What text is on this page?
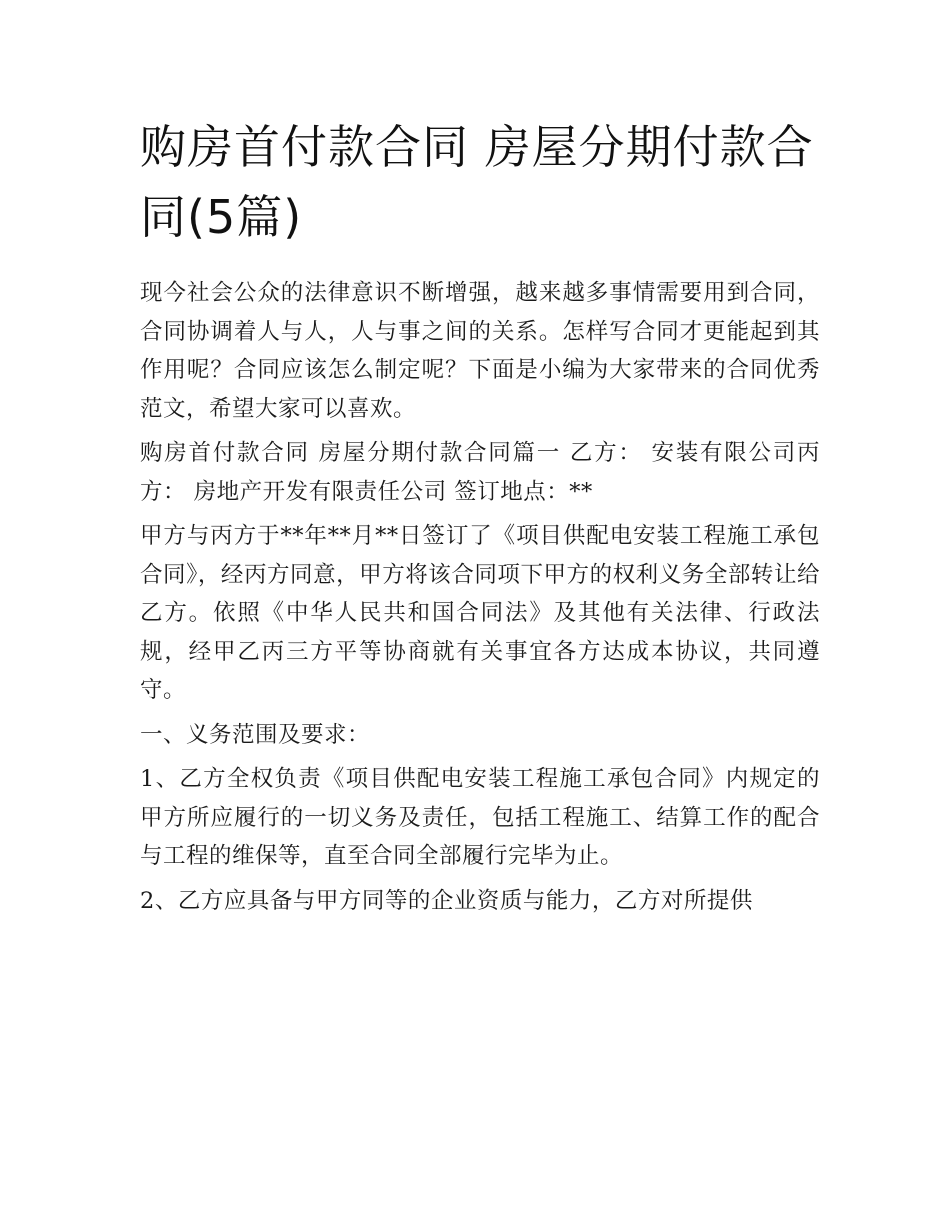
购房首付款合同 房屋分期付款合同(5篇)

现今社会公众的法律意识不断增强，越来越多事情需要用到合同，合同协调着人与人，人与事之间的关系。怎样写合同才更能起到其作用呢？合同应该怎么制定呢？下面是小编为大家带来的合同优秀范文，希望大家可以喜欢。

购房首付款合同 房屋分期付款合同篇一 乙方： 安装有限公司丙方： 房地产开发有限责任公司 签订地点：**

甲方与丙方于**年**月**日签订了《项目供配电安装工程施工承包合同》，经丙方同意，甲方将该合同项下甲方的权利义务全部转让给乙方。依照《中华人民共和国合同法》及其他有关法律、行政法规，经甲乙丙三方平等协商就有关事宜各方达成本协议，共同遵守。

一、义务范围及要求：

1、乙方全权负责《项目供配电安装工程施工承包合同》内规定的甲方所应履行的一切义务及责任，包括工程施工、结算工作的配合与工程的维保等，直至合同全部履行完毕为止。

2、乙方应具备与甲方同等的企业资质与能力，乙方对所提供
